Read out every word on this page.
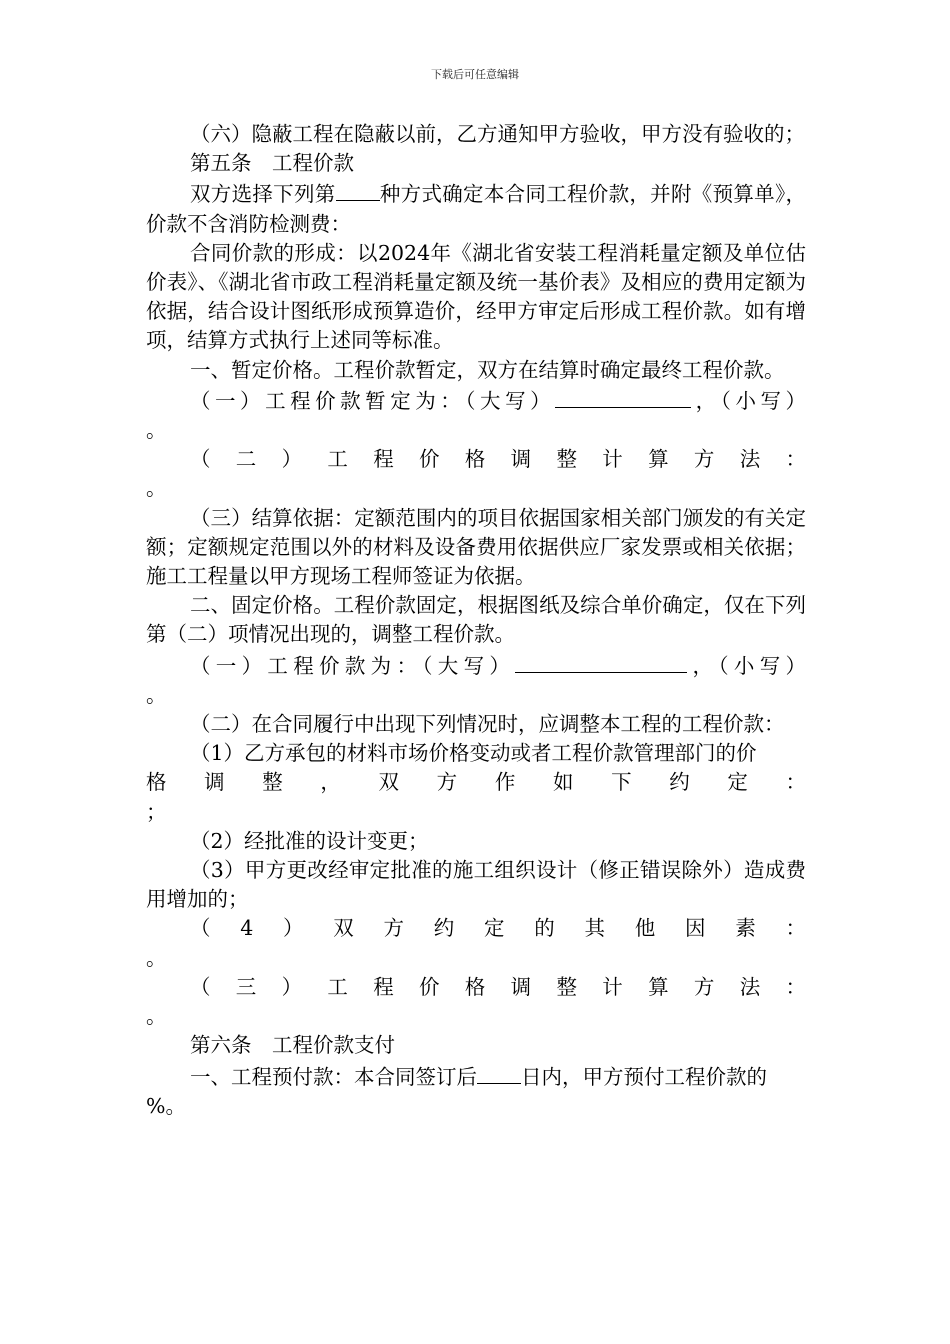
下载后可任意编辑

（六）隐蔽工程在隐蔽以前，乙方通知甲方验收，甲方没有验收的；

第五条　工程价款

双方选择下列第 种方式确定本合同工程价款，并附《预算单》，价款不含消防检测费：

合同价款的形成：以2024年《湖北省安装工程消耗量定额及单位估价表》、《湖北省市政工程消耗量定额及统一基价表》及相应的费用定额为依据，结合设计图纸形成预算造价，经甲方审定后形成工程价款。如有增项，结算方式执行上述同等标准。

一、暂定价格。工程价款暂定，双方在结算时确定最终工程价款。

（一）工程价款暂定为：（大写）	，（小写）

。

（二）工程价格调整计算方法：

。

（三）结算依据：定额范围内的项目依据国家相关部门颁发的有关定额；定额规定范围以外的材料及设备费用依据供应厂家发票或相关依据；施工工程量以甲方现场工程师签证为依据。

二、固定价格。工程价款固定，根据图纸及综合单价确定，仅在下列第（二）项情况出现的，调整工程价款。

（一）工程价款为：（大写）	，（小写）

。

（二）在合同履行中出现下列情况时，应调整本工程的工程价款：

（1）乙方承包的材料市场价格变动或者工程价款管理部门的价

格调整，双方作如下约定：

；

（2）经批准的设计变更；

（3）甲方更改经审定批准的施工组织设计（修正错误除外）造成费用增加的；

（4）双方约定的其他因素：

。

（三）工程价格调整计算方法：

。

第六条　工程价款支付

一、工程预付款：本合同签订后 日内，甲方预付工程价款的

%。
